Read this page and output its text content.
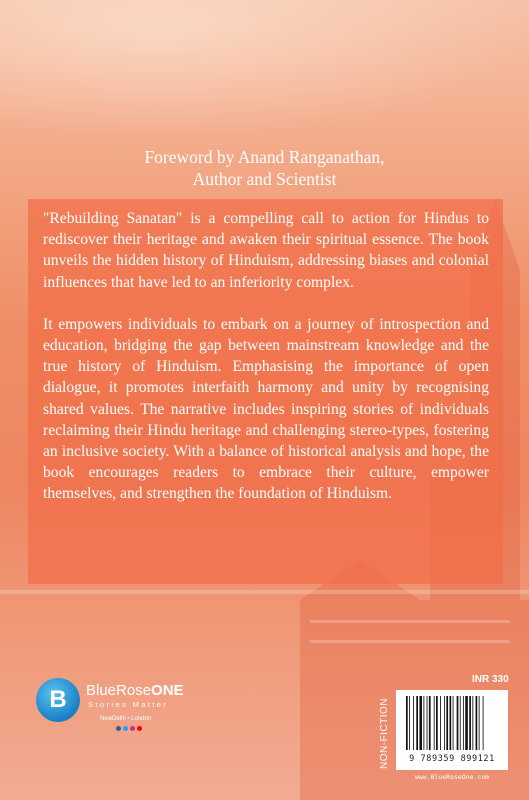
Foreword by Anand Ranganathan,
Author and Scientist

"Rebuilding Sanatan" is a compelling call to action for Hindus to rediscover their heritage and awaken their spiritual essence. The book unveils the hidden history of Hinduism, addressing biases and colonial influences that have led to an inferiority complex.

It empowers individuals to embark on a journey of introspection and education, bridging the gap between mainstream knowledge and the true history of Hinduism. Emphasising the importance of open dialogue, it promotes interfaith harmony and unity by recognising shared values. The narrative includes inspiring stories of individuals reclaiming their Hindu heritage and challenging stereo-types, fostering an inclusive society. With a balance of historical analysis and hope, the book encourages readers to embrace their culture, empower themselves, and strengthen the foundation of Hinduism.

B BlueRoseONE
Stories Matter
NewDelhi • London
INR 330
NON-FICTION	9 789359 899121
www.BlueRoseOne.com
